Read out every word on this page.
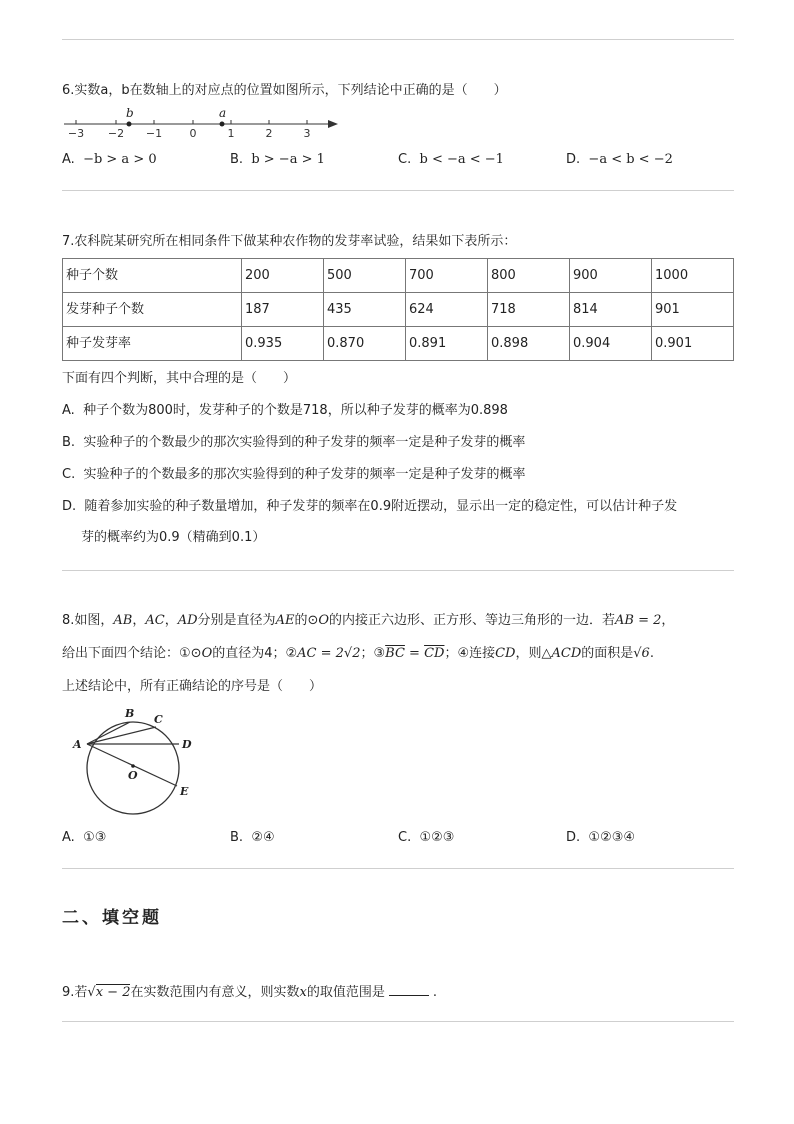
6.实数a，b在数轴上的对应点的位置如图所示，下列结论中正确的是（　　）
b	a
−3 −2 −1 0	1	2	3
A. −b > a > 0	B. b > −a > 1	C. b < −a < −1	D. −a < b < −2
7.农科院某研究所在相同条件下做某种农作物的发芽率试验，结果如下表所示：
种子个数	200	500	700	800	900	1000
发芽种子个数	187	435	624	718	814	901
种子发芽率	0.935	0.870	0.891	0.898	0.904	0.901
下面有四个判断，其中合理的是（　　）
A. 种子个数为800时，发芽种子的个数是718，所以种子发芽的概率为0.898
B. 实验种子的个数最少的那次实验得到的种子发芽的频率一定是种子发芽的概率
C. 实验种子的个数最多的那次实验得到的种子发芽的频率一定是种子发芽的概率
D. 随着参加实验的种子数量增加，种子发芽的频率在0.9附近摆动，显示出一定的稳定性，可以估计种子发
芽的概率约为0.9（精确到0.1）
8.如图，AB，AC，AD分别是直径为AE的⊙O的内接正六边形、正方形、等边三角形的一边．若AB = 2，
给出下面四个结论：①⊙O的直径为4；②AC = 2√2；$③\overline{BC} = \overline{CD}$；④连接CD，则△ACD的面积是√6.
上述结论中，所有正确结论的序号是（　　）
A
B C
D
E
O
A. ①③	B. ②④	C. ①②③	D. ①②③④
二、填空题
9.若√x − 2在实数范围内有意义，则实数x的取值范围是	.
